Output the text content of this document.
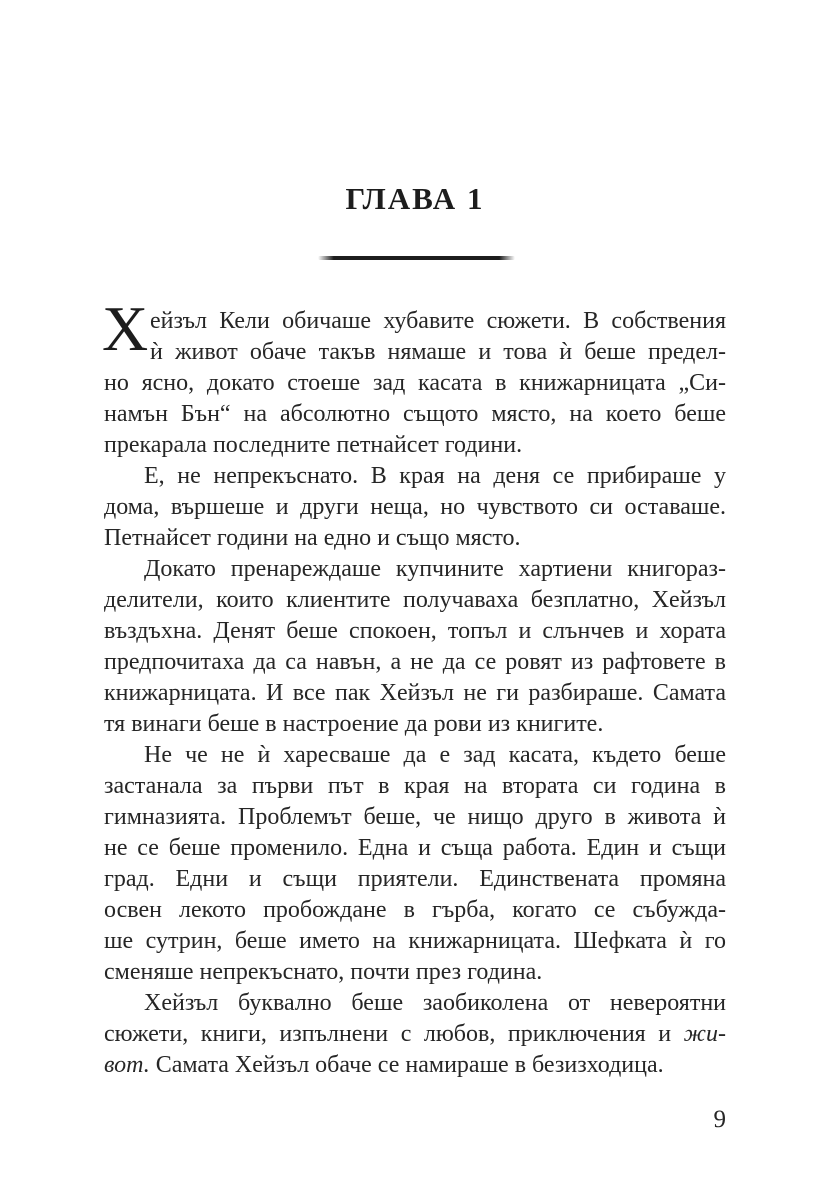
ГЛАВА 1
Х ейзъл Кели обичаше хубавите сюжети. В собствения
ѝ живот обаче такъв нямаше и това ѝ беше предел-
но ясно, докато стоеше зад касата в книжарницата „Си-
намън Бън“ на абсолютно същото място, на което беше
прекарала последните петнайсет години.
Е, не непрекъснато. В края на деня се прибираше у
дома, вършеше и други неща, но чувството си оставаше.
Петнайсет години на едно и също място.
Докато пренареждаше купчините хартиени книгораз-
делители, които клиентите получаваха безплатно, Хейзъл
въздъхна. Денят беше спокоен, топъл и слънчев и хората
предпочитаха да са навън, а не да се ровят из рафтовете в
книжарницата. И все пак Хейзъл не ги разбираше. Самата
тя винаги беше в настроение да рови из книгите.
Не че не ѝ харесваше да е зад касата, където беше
застанала за първи път в края на втората си година в
гимназията. Проблемът беше, че нищо друго в живота ѝ
не се беше променило. Една и съща работа. Един и същи
град. Едни и същи приятели. Единствената промяна
освен лекото пробождане в гърба, когато се събужда-
ше сутрин, беше името на книжарницата. Шефката ѝ го
сменяше непрекъснато, почти през година.
Хейзъл буквално беше заобиколена от невероятни
сюжети, книги, изпълнени с любов, приключения и жи-
вот. Самата Хейзъл обаче се намираше в безизходица.
9
